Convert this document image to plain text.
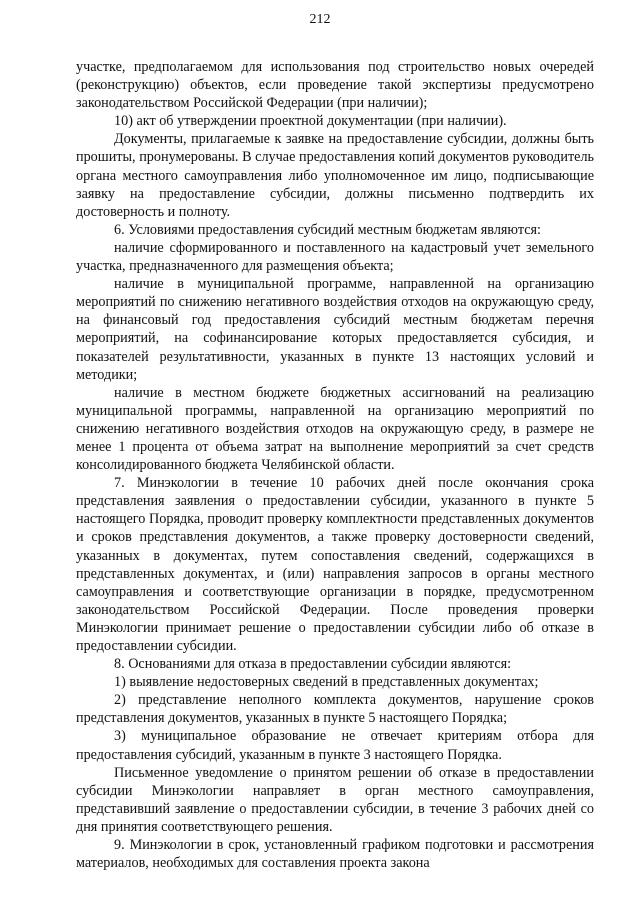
212

участке, предполагаемом для использования под строительство новых очередей (реконструкцию) объектов, если проведение такой экспертизы предусмотрено законодательством Российской Федерации (при наличии);

10) акт об утверждении проектной документации (при наличии).

Документы, прилагаемые к заявке на предоставление субсидии, должны быть прошиты, пронумерованы. В случае предоставления копий документов руководитель органа местного самоуправления либо уполномоченное им лицо, подписывающие заявку на предоставление субсидии, должны письменно подтвердить их достоверность и полноту.

6. Условиями предоставления субсидий местным бюджетам являются:

наличие сформированного и поставленного на кадастровый учет земельного участка, предназначенного для размещения объекта;

наличие в муниципальной программе, направленной на организацию мероприятий по снижению негативного воздействия отходов на окружающую среду, на финансовый год предоставления субсидий местным бюджетам перечня мероприятий, на софинансирование которых предоставляется субсидия, и показателей результативности, указанных в пункте 13 настоящих условий и методики;

наличие в местном бюджете бюджетных ассигнований на реализацию муниципальной программы, направленной на организацию мероприятий по снижению негативного воздействия отходов на окружающую среду, в размере не менее 1 процента от объема затрат на выполнение мероприятий за счет средств консолидированного бюджета Челябинской области.

7. Минэкологии в течение 10 рабочих дней после окончания срока представления заявления о предоставлении субсидии, указанного в пункте 5 настоящего Порядка, проводит проверку комплектности представленных документов и сроков представления документов, а также проверку достоверности сведений, указанных в документах, путем сопоставления сведений, содержащихся в представленных документах, и (или) направления запросов в органы местного самоуправления и соответствующие организации в порядке, предусмотренном законодательством Российской Федерации. После проведения проверки Минэкологии принимает решение о предоставлении субсидии либо об отказе в предоставлении субсидии.

8. Основаниями для отказа в предоставлении субсидии являются:

1) выявление недостоверных сведений в представленных документах;

2) представление неполного комплекта документов, нарушение сроков представления документов, указанных в пункте 5 настоящего Порядка;

3) муниципальное образование не отвечает критериям отбора для предоставления субсидий, указанным в пункте 3 настоящего Порядка.

Письменное уведомление о принятом решении об отказе в предоставлении субсидии Минэкологии направляет в орган местного самоуправления, представивший заявление о предоставлении субсидии, в течение 3 рабочих дней со дня принятия соответствующего решения.

9. Минэкологии в срок, установленный графиком подготовки и рассмотрения материалов, необходимых для составления проекта закона
